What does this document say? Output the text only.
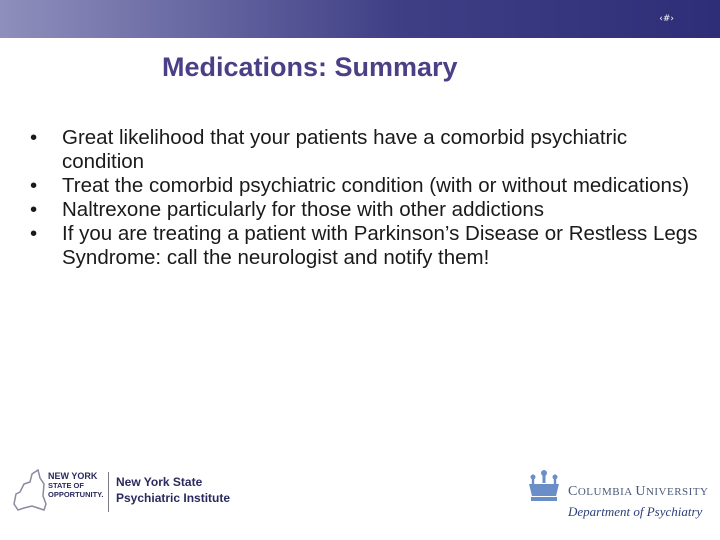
‹#›
Medications: Summary
• Great likelihood that your patients have a comorbid psychiatric condition
• Treat the comorbid psychiatric condition (with or without medications)
• Naltrexone particularly for those with other addictions
• If you are treating a patient with Parkinson’s Disease or Restless Legs Syndrome: call the neurologist and notify them!
NEW YORK
STATE OF
OPPORTUNITY.
New York State
Psychiatric Institute	COLUMBIA UNIVERSITY
Department of Psychiatry
